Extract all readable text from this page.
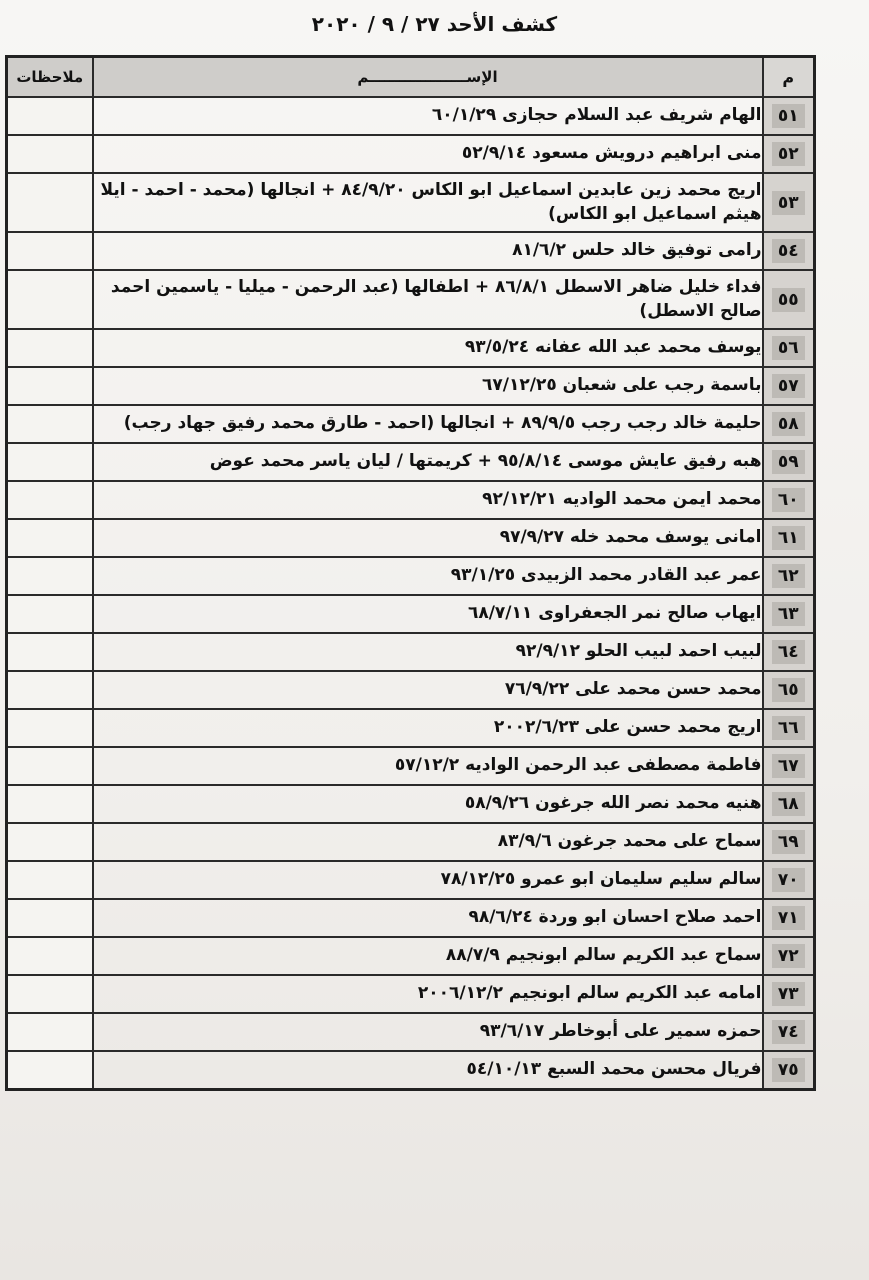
كشف الأحد ٢٧ / ٩ / ٢٠٢٠
م	الإســـــــــــــــــــم	ملاحظات
٥١	الهام شريف عبد السلام حجازى ٦٠/١/٢٩	
٥٢	منى ابراهيم درويش مسعود ٥٢/٩/١٤	
٥٣	اريج محمد زين عابدين اسماعيل ابو الكاس ٨٤/٩/٢٠ + انجالها (محمد - احمد - ايلا هيثم اسماعيل ابو الكاس)	
٥٤	رامى توفيق خالد حلس ٨١/٦/٢	
٥٥	فداء خليل ضاهر الاسطل ٨٦/٨/١ + اطفالها (عبد الرحمن - ميليا - ياسمين احمد صالح الاسطل)	
٥٦	يوسف محمد عبد الله عفانه ٩٣/٥/٢٤	
٥٧	باسمة رجب على شعبان ٦٧/١٢/٢٥	
٥٨	حليمة خالد رجب رجب ٨٩/٩/٥ + انجالها (احمد - طارق محمد رفيق جهاد رجب)	
٥٩	هبه رفيق عايش موسى ٩٥/٨/١٤ + كريمتها / ليان ياسر محمد عوض	
٦٠	محمد ايمن محمد الواديه ٩٢/١٢/٢١	
٦١	امانى يوسف محمد خله ٩٧/٩/٢٧	
٦٢	عمر عبد القادر محمد الزبيدى ٩٣/١/٢٥	
٦٣	ايهاب صالح نمر الجعفراوى ٦٨/٧/١١	
٦٤	لبيب احمد لبيب الحلو ٩٢/٩/١٢	
٦٥	محمد حسن محمد على ٧٦/٩/٢٢	
٦٦	اريج محمد حسن على ٢٠٠٢/٦/٢٣	
٦٧	فاطمة مصطفى عبد الرحمن الواديه ٥٧/١٢/٢	
٦٨	هنيه محمد نصر الله جرغون ٥٨/٩/٢٦	
٦٩	سماح على محمد جرغون ٨٣/٩/٦	
٧٠	سالم سليم سليمان ابو عمرو ٧٨/١٢/٢٥	
٧١	احمد صلاح احسان ابو وردة ٩٨/٦/٢٤	
٧٢	سماح عبد الكريم سالم ابونجيم ٨٨/٧/٩	
٧٣	امامه عبد الكريم سالم ابونجيم ٢٠٠٦/١٢/٢	
٧٤	حمزه سمير على أبوخاطر ٩٣/٦/١٧	
٧٥	فريال محسن محمد السبع ٥٤/١٠/١٣	
